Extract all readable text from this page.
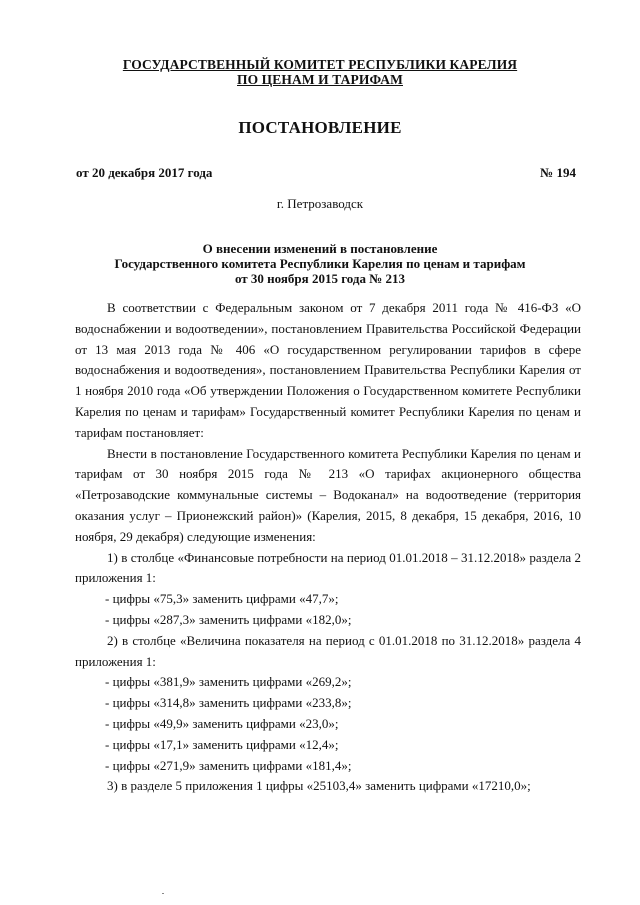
ГОСУДАРСТВЕННЫЙ КОМИТЕТ РЕСПУБЛИКИ КАРЕЛИЯ
ПО ЦЕНАМ И ТАРИФАМ
ПОСТАНОВЛЕНИЕ
от 20 декабря 2017 года	№ 194
г. Петрозаводск
О внесении изменений в постановление
Государственного комитета Республики Карелия по ценам и тарифам
от 30 ноября 2015 года № 213

В соответствии с Федеральным законом от 7 декабря 2011 года № 416-ФЗ «О водоснабжении и водоотведении», постановлением Правительства Российской Федерации от 13 мая 2013 года № 406 «О государственном регулировании тарифов в сфере водоснабжения и водоотведения», постановлением Правительства Республики Карелия от 1 ноября 2010 года «Об утверждении Положения о Государственном комитете Республики Карелия по ценам и тарифам» Государственный комитет Республики Карелия по ценам и тарифам постановляет:

Внести в постановление Государственного комитета Республики Карелия по ценам и тарифам от 30 ноября 2015 года № 213 «О тарифах акционерного общества «Петрозаводские коммунальные системы – Водоканал» на водоотведение (территория оказания услуг – Прионежский район)» (Карелия, 2015, 8 декабря, 15 декабря, 2016, 10 ноября, 29 декабря) следующие изменения:

1) в столбце «Финансовые потребности на период 01.01.2018 – 31.12.2018» раздела 2 приложения 1:

- цифры «75,3» заменить цифрами «47,7»;

- цифры «287,3» заменить цифрами «182,0»;

2) в столбце «Величина показателя на период с 01.01.2018 по 31.12.2018» раздела 4 приложения 1:

- цифры «381,9» заменить цифрами «269,2»;

- цифры «314,8» заменить цифрами «233,8»;

- цифры «49,9» заменить цифрами «23,0»;

- цифры «17,1» заменить цифрами «12,4»;

- цифры «271,9» заменить цифрами «181,4»;

3) в разделе 5 приложения 1 цифры «25103,4» заменить цифрами «17210,0»;
